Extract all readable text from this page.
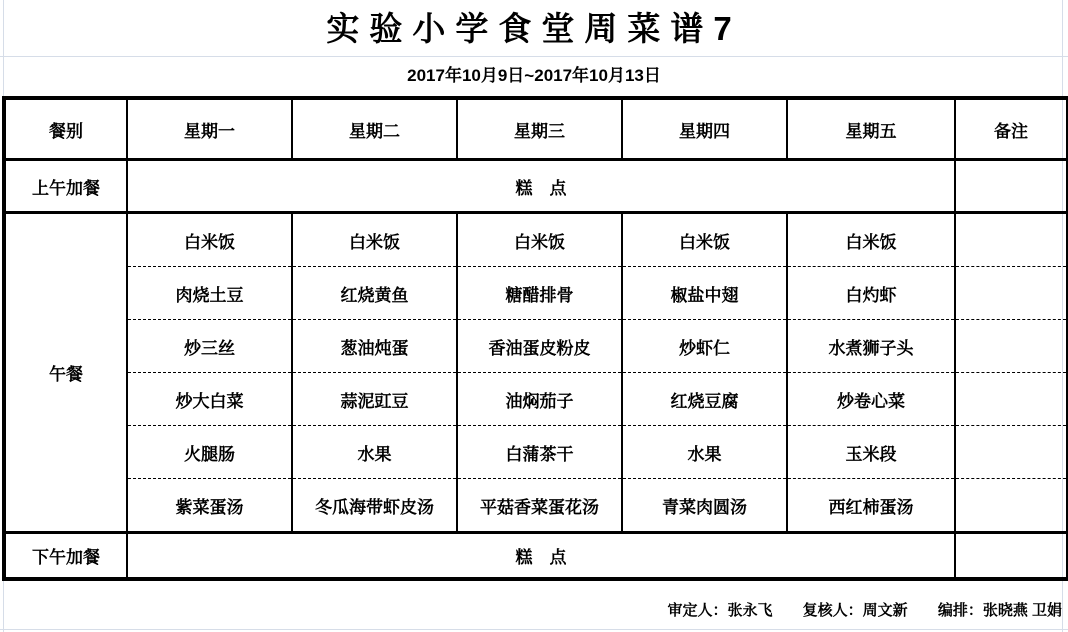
实验小学食堂周菜谱7
2017年10月9日~2017年10月13日
餐别	星期一	星期二	星期三	星期四	星期五	备注
上午加餐	糕　点					
午餐	白米饭	白米饭	白米饭	白米饭	白米饭	
	肉烧土豆	红烧黄鱼	糖醋排骨	椒盐中翅	白灼虾	
	炒三丝	葱油炖蛋	香油蛋皮粉皮	炒虾仁	水煮狮子头	
	炒大白菜	蒜泥豇豆	油焖茄子	红烧豆腐	炒卷心菜	
	火腿肠	水果	白蒲茶干	水果	玉米段	
	紫菜蛋汤	冬瓜海带虾皮汤	平菇香菜蛋花汤	青菜肉圆汤	西红柿蛋汤	
下午加餐	糕　点					
审定人：张永飞 复核人：周文新 编排：张晓燕 卫娟
